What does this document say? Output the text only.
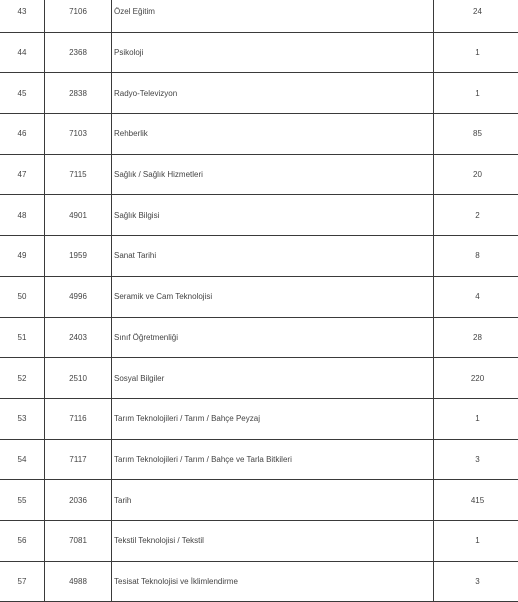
43	7106	Özel Eğitim	24
44	2368	Psikoloji	1
45	2838	Radyo-Televizyon	1
46	7103	Rehberlik	85
47	7115	Sağlık / Sağlık Hizmetleri	20
48	4901	Sağlık Bilgisi	2
49	1959	Sanat Tarihi	8
50	4996	Seramik ve Cam Teknolojisi	4
51	2403	Sınıf Öğretmenliği	28
52	2510	Sosyal Bilgiler	220
53	7116	Tarım Teknolojileri / Tarım / Bahçe Peyzaj	1
54	7117	Tarım Teknolojileri / Tarım / Bahçe ve Tarla Bitkileri	3
55	2036	Tarih	415
56	7081	Tekstil Teknolojisi / Tekstil	1
57	4988	Tesisat Teknolojisi ve İklimlendirme	3
